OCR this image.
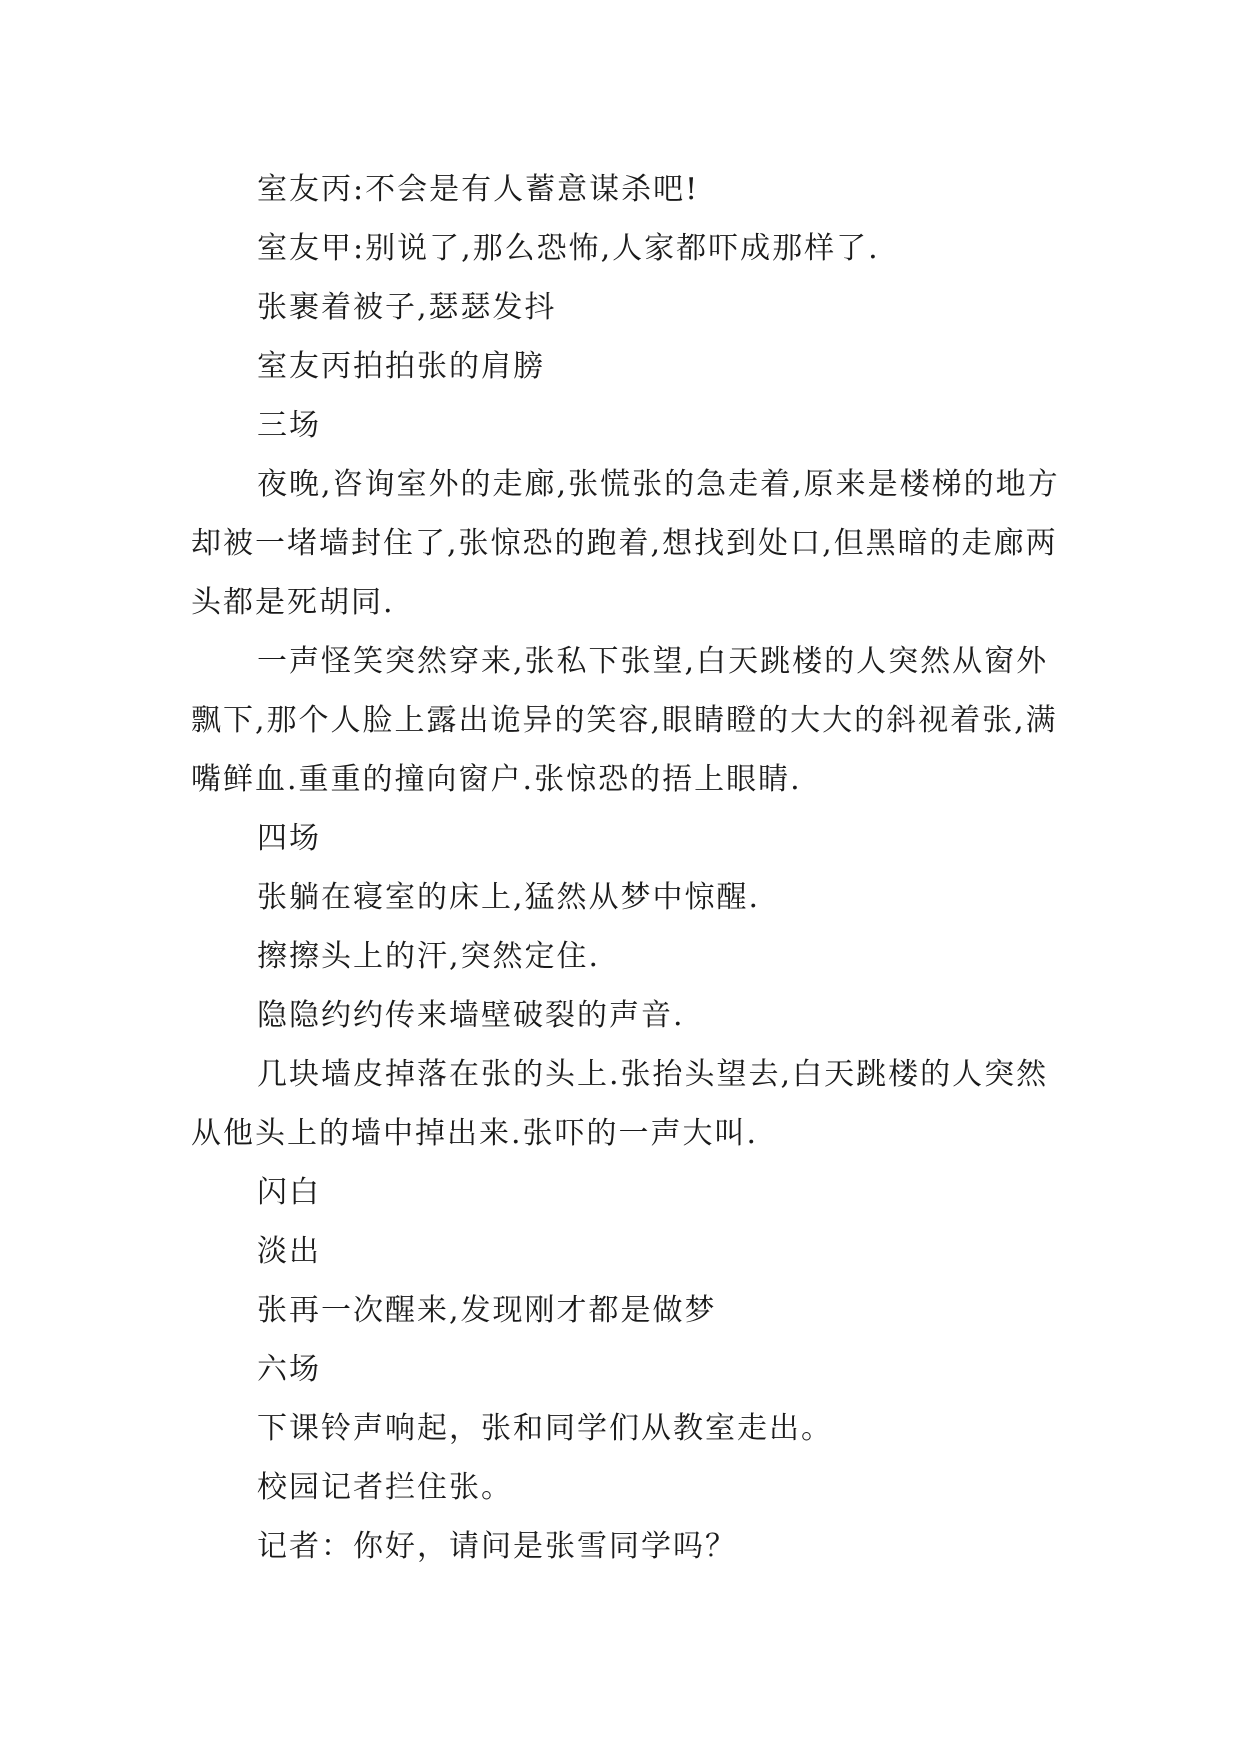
室友丙:不会是有人蓄意谋杀吧!

室友甲:别说了,那么恐怖,人家都吓成那样了.

张裹着被子,瑟瑟发抖

室友丙拍拍张的肩膀

三场

夜晚,咨询室外的走廊,张慌张的急走着,原来是楼梯的地方却被一堵墙封住了,张惊恐的跑着,想找到处口,但黑暗的走廊两头都是死胡同.

一声怪笑突然穿来,张私下张望,白天跳楼的人突然从窗外飘下,那个人脸上露出诡异的笑容,眼睛瞪的大大的斜视着张,满嘴鲜血.重重的撞向窗户.张惊恐的捂上眼睛.

四场

张躺在寝室的床上,猛然从梦中惊醒.

擦擦头上的汗,突然定住.

隐隐约约传来墙壁破裂的声音.

几块墙皮掉落在张的头上.张抬头望去,白天跳楼的人突然从他头上的墙中掉出来.张吓的一声大叫.

闪白

淡出

张再一次醒来,发现刚才都是做梦

六场

下课铃声响起，张和同学们从教室走出。

校园记者拦住张。

记者：你好，请问是张雪同学吗？
